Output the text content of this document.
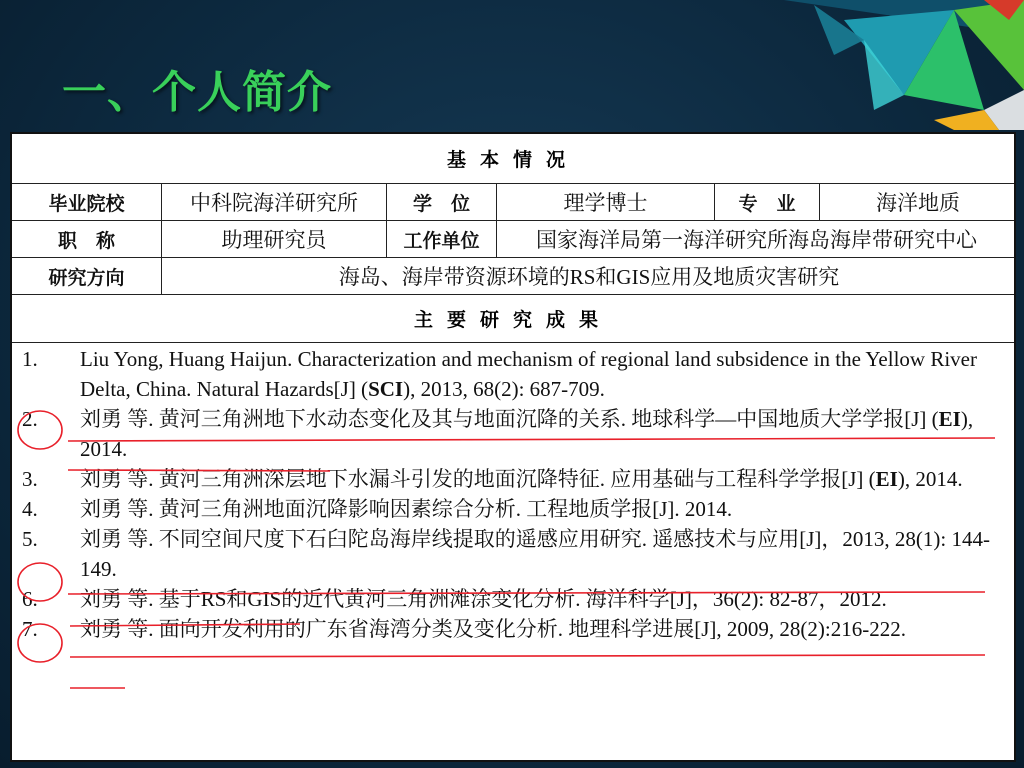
一、个人简介
基本情况
毕业院校	中科院海洋研究所	学　位	理学博士	专　业	海洋地质
职　称	助理研究员	工作单位	国家海洋局第一海洋研究所海岛海岸带研究中心
研究方向	海岛、海岸带资源环境的RS和GIS应用及地质灾害研究
主要研究成果
1.	Liu Yong, Huang Haijun. Characterization and mechanism of regional land subsidence in the Yellow River Delta, China. Natural Hazards[J] (SCI), 2013, 68(2): 687-709.
2.	刘勇 等. 黄河三角洲地下水动态变化及其与地面沉降的关系. 地球科学—中国地质大学学报[J] (EI), 2014.
3.	刘勇 等. 黄河三角洲深层地下水漏斗引发的地面沉降特征. 应用基础与工程科学学报[J] (EI), 2014.
4.	刘勇 等. 黄河三角洲地面沉降影响因素综合分析. 工程地质学报[J]. 2014.
5.	刘勇 等. 不同空间尺度下石臼陀岛海岸线提取的遥感应用研究. 遥感技术与应用[J]，2013, 28(1): 144-149.
6.	刘勇 等. 基于RS和GIS的近代黄河三角洲滩涂变化分析. 海洋科学[J]，36(2): 82-87，2012.
7.	刘勇 等. 面向开发利用的广东省海湾分类及变化分析. 地理科学进展[J], 2009, 28(2):216-222.
